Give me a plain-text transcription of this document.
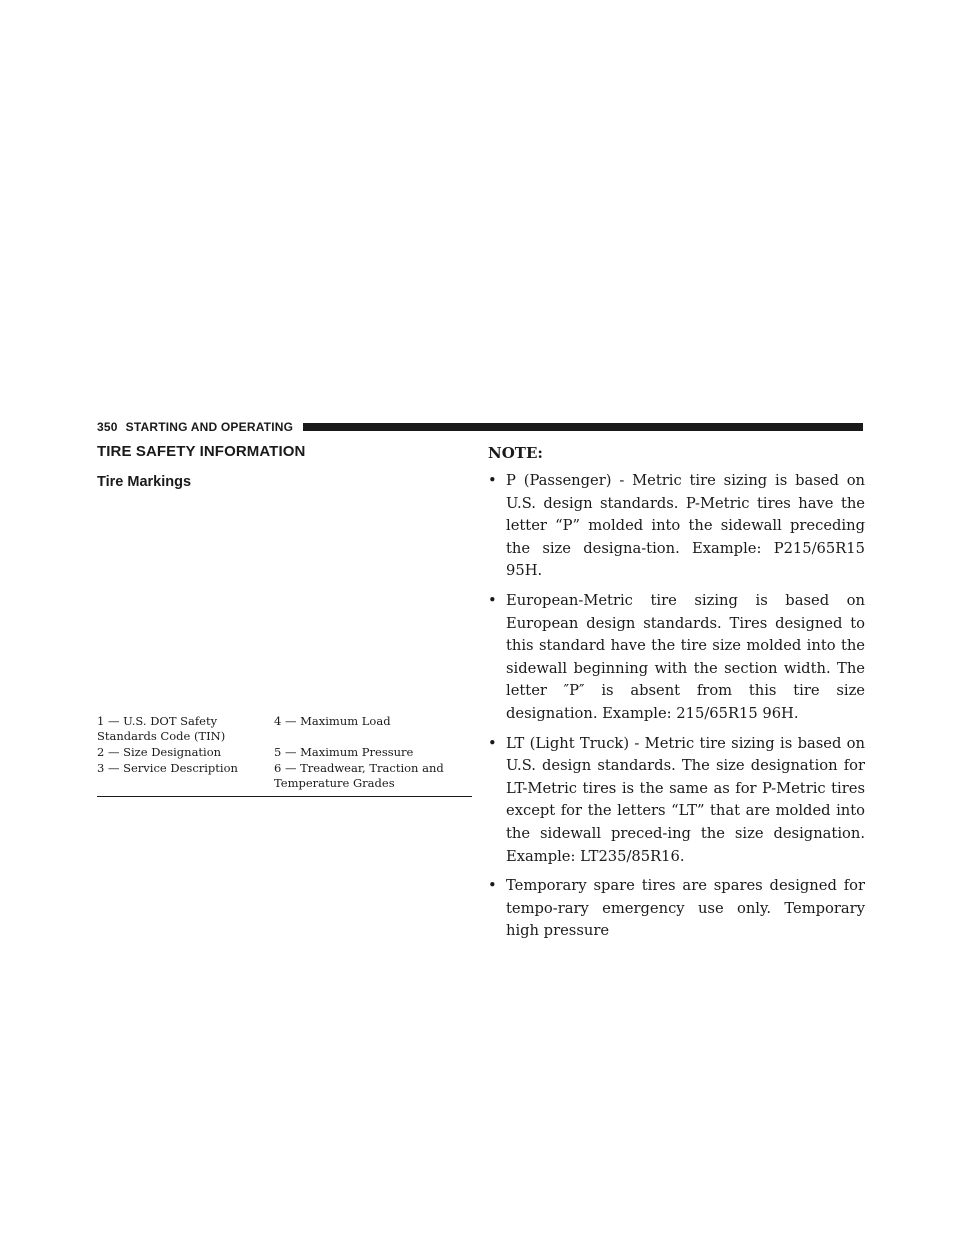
350 STARTING AND OPERATING
TIRE SAFETY INFORMATION
Tire Markings
1 — U.S. DOT Safety Standards Code (TIN)
4 — Maximum Load
2 — Size Designation	5 — Maximum Pressure
3 — Service Description	6 — Treadwear, Traction and Temperature Grades
NOTE:
• P (Passenger) - Metric tire sizing is based on U.S. design standards. P-Metric tires have the letter “P” molded into the sidewall preceding the size designa-tion. Example: P215/65R15 95H.
• European-Metric tire sizing is based on European design standards. Tires designed to this standard have the tire size molded into the sidewall beginning with the section width. The letter ″P″ is absent from this tire size designation. Example: 215/65R15 96H.
• LT (Light Truck) - Metric tire sizing is based on U.S. design standards. The size designation for LT-Metric tires is the same as for P-Metric tires except for the letters “LT” that are molded into the sidewall preced-ing the size designation. Example: LT235/85R16.
• Temporary spare tires are spares designed for tempo-rary emergency use only. Temporary high pressure
